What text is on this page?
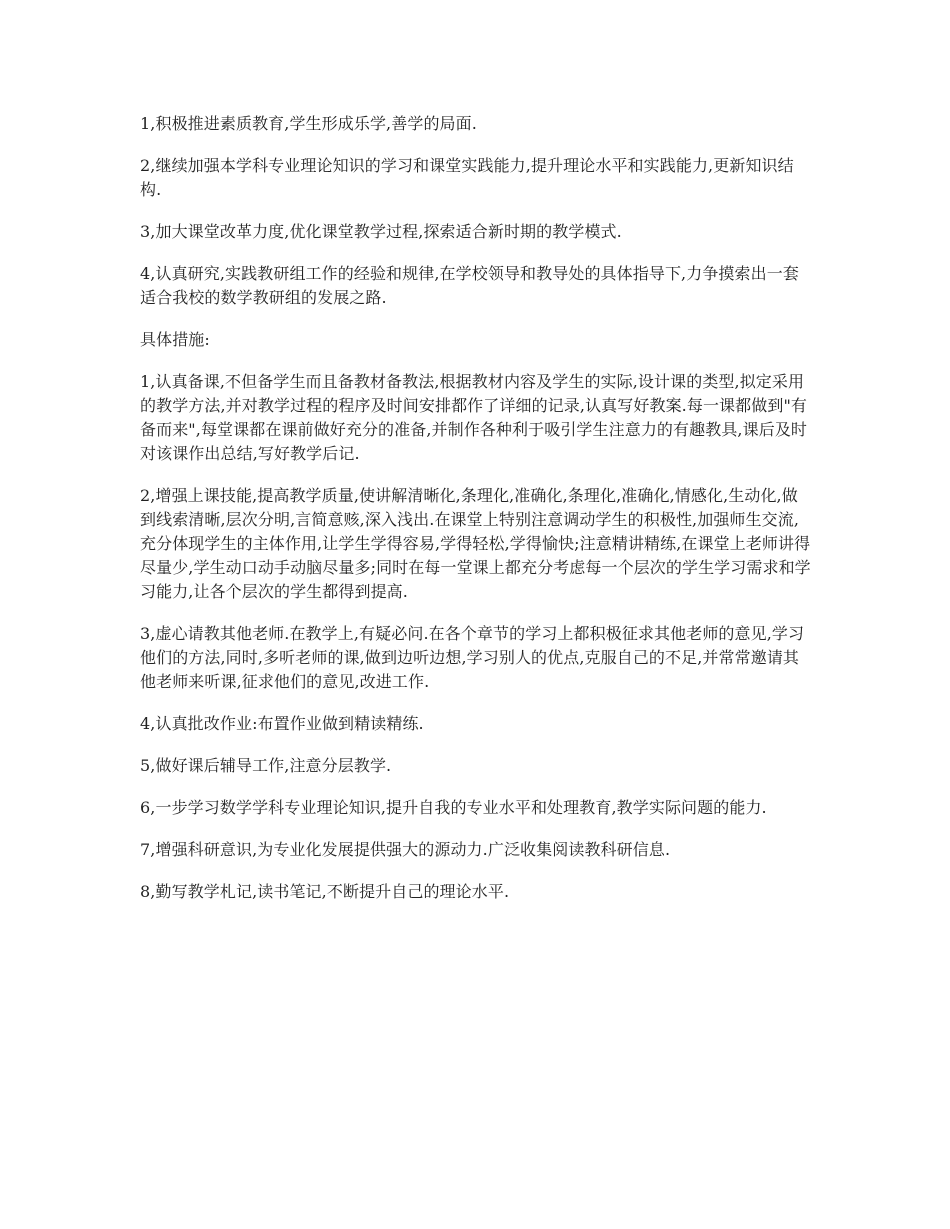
1,积极推进素质教育,学生形成乐学,善学的局面.

2,继续加强本学科专业理论知识的学习和课堂实践能力,提升理论水平和实践能力,更新知识结构.

3,加大课堂改革力度,优化课堂教学过程,探索适合新时期的教学模式.

4,认真研究,实践教研组工作的经验和规律,在学校领导和教导处的具体指导下,力争摸索出一套适合我校的数学教研组的发展之路.

具体措施:

1,认真备课,不但备学生而且备教材备教法,根据教材内容及学生的实际,设计课的类型,拟定采用的教学方法,并对教学过程的程序及时间安排都作了详细的记录,认真写好教案.每一课都做到"有备而来",每堂课都在课前做好充分的准备,并制作各种利于吸引学生注意力的有趣教具,课后及时对该课作出总结,写好教学后记.

2,增强上课技能,提高教学质量,使讲解清晰化,条理化,准确化,条理化,准确化,情感化,生动化,做到线索清晰,层次分明,言简意赅,深入浅出.在课堂上特别注意调动学生的积极性,加强师生交流,充分体现学生的主体作用,让学生学得容易,学得轻松,学得愉快;注意精讲精练,在课堂上老师讲得尽量少,学生动口动手动脑尽量多;同时在每一堂课上都充分考虑每一个层次的学生学习需求和学习能力,让各个层次的学生都得到提高.

3,虚心请教其他老师.在教学上,有疑必问.在各个章节的学习上都积极征求其他老师的意见,学习他们的方法,同时,多听老师的课,做到边听边想,学习别人的优点,克服自己的不足,并常常邀请其他老师来听课,征求他们的意见,改进工作.

4,认真批改作业:布置作业做到精读精练.

5,做好课后辅导工作,注意分层教学.

6,一步学习数学学科专业理论知识,提升自我的专业水平和处理教育,教学实际问题的能力.

7,增强科研意识,为专业化发展提供强大的源动力.广泛收集阅读教科研信息.

8,勤写教学札记,读书笔记,不断提升自己的理论水平.
